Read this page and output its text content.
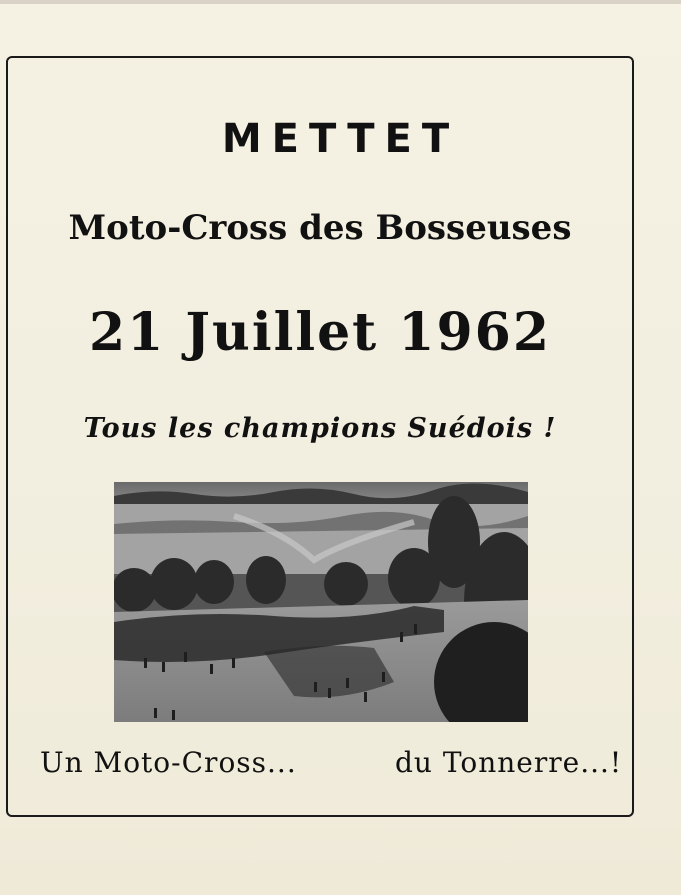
METTET
Moto-Cross des Bosseuses
21 Juillet 1962
Tous les champions Suédois !
Un Moto-Cross...	du Tonnerre...!
